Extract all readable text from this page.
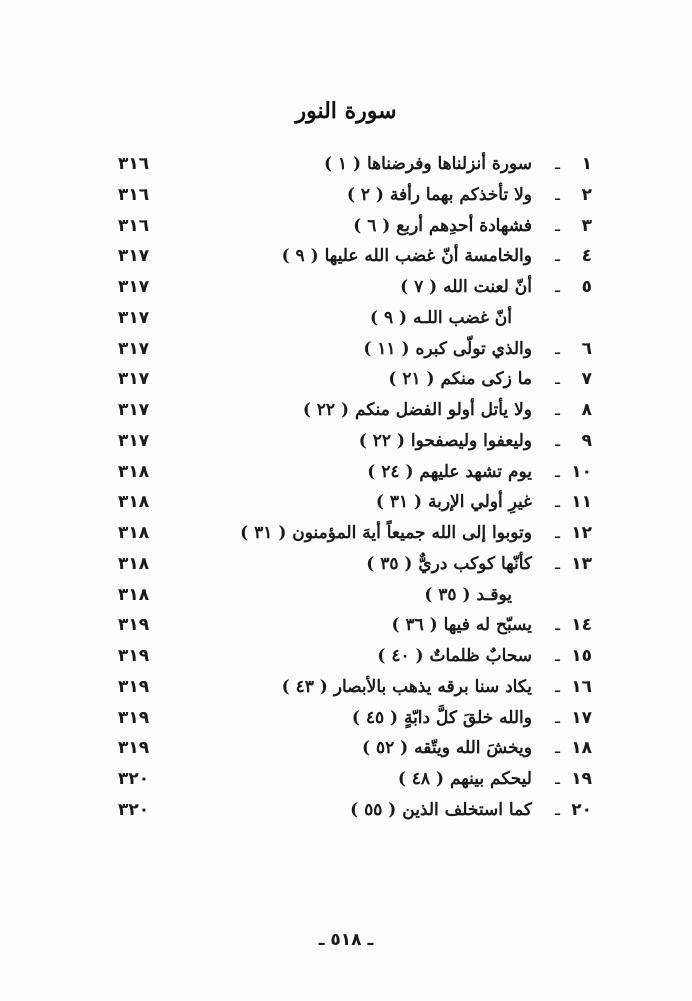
سورة النور
١
ـ
سورة أنزلناها وفرضناها ( ١ )
٣١٦
٢
ـ
ولا تأخذكم بهما رأفة ( ٢ )
٣١٦
٣
ـ
فشهادة أحدِهم أربع ( ٦ )
٣١٦
٤
ـ
والخامسة أنّ غضب الله عليها ( ٩ )
٣١٧
٥
ـ
أنّ لعنت الله ( ٧ )
٣١٧
أنّ غضب اللـه ( ٩ )
٣١٧
٦
ـ
والذي تولّى كبره ( ١١ )
٣١٧
٧
ـ
ما زكى منكم ( ٢١ )
٣١٧
٨
ـ
ولا يأتل أولو الفضل منكم ( ٢٢ )
٣١٧
٩
ـ
وليعفوا وليصفحوا ( ٢٢ )
٣١٧
١٠
ـ
يوم تشهد عليهم ( ٢٤ )
٣١٨
١١
ـ
غيرِ أولي الإربة ( ٣١ )
٣١٨
١٢
ـ
وتوبوا إلى الله جميعاً أيهَ المؤمنون ( ٣١ )
٣١٨
١٣
ـ
كأنّها كوكب دريٌّ ( ٣٥ )
٣١٨
يوقـد ( ٣٥ )
٣١٨
١٤
ـ
يسبّح له فيها ( ٣٦ )
٣١٩
١٥
ـ
سحابٌ ظلماتٌ ( ٤٠ )
٣١٩
١٦
ـ
يكاد سنا برقه يذهب بالأبصار ( ٤٣ )
٣١٩
١٧
ـ
والله خلقَ كلَّ دابّةٍ ( ٤٥ )
٣١٩
١٨
ـ
ويخشَ الله ويتّقه ( ٥٢ )
٣١٩
١٩
ـ
ليحكم بينهم ( ٤٨ )
٣٢٠
٢٠
ـ
كما استخلف الذين ( ٥٥ )
٣٢٠
ـ ٥١٨ ـ
